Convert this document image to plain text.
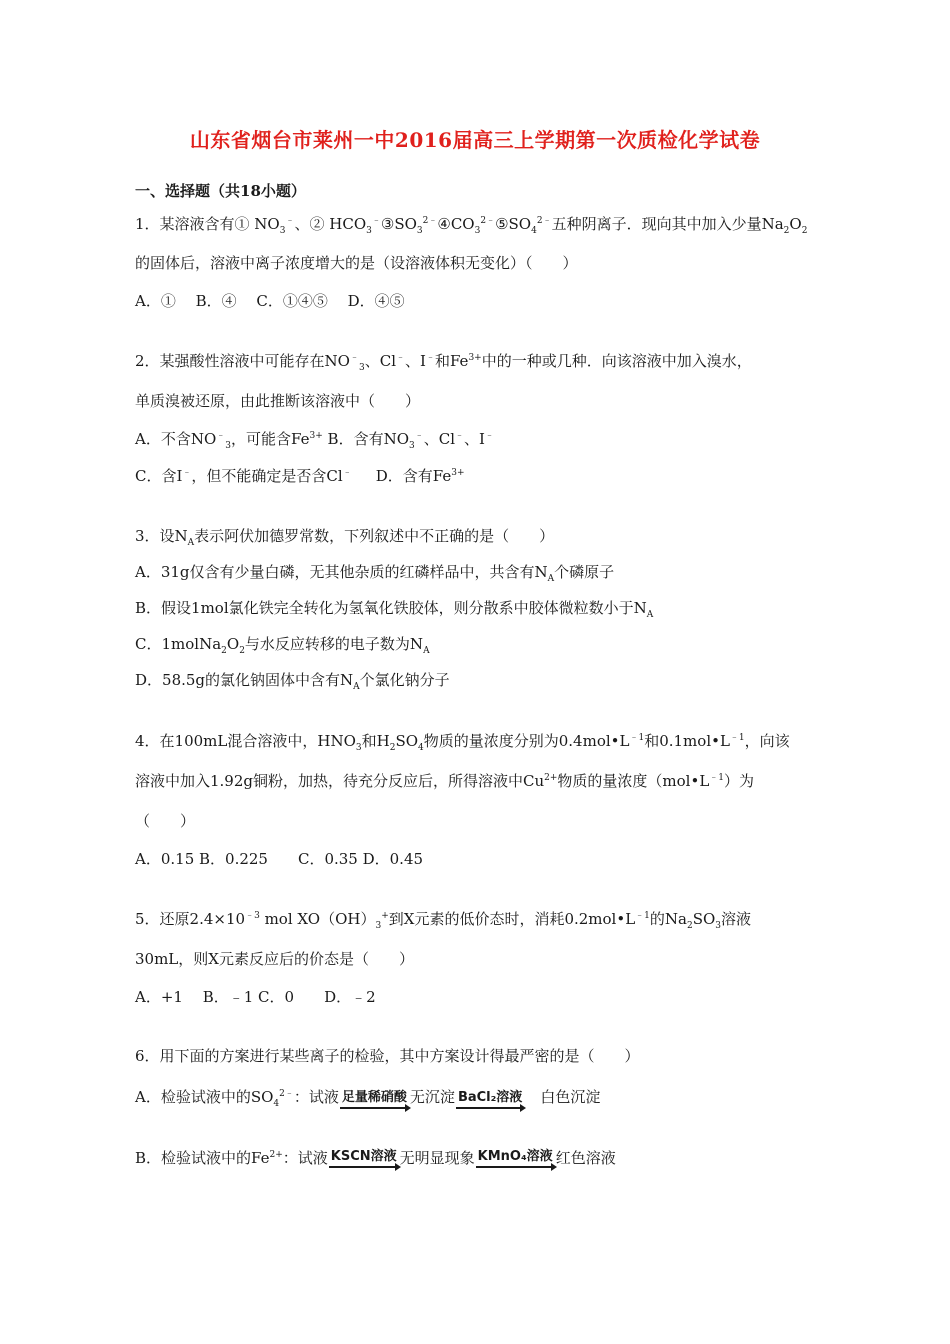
山东省烟台市莱州一中2016届高三上学期第一次质检化学试卷
一、选择题（共18小题）
1．某溶液含有① $NO_3^﹣$、② $HCO_3^﹣③SO_3^{2﹣}④CO_3^{2﹣}⑤SO_4^{2﹣}$五种阴离子．现向其中加入少量$Na_2O_2$
的固体后，溶液中离子浓度增大的是（设溶液体积无变化）（　　）
A．①　 B．④　 C．①④⑤　 D．④⑤
2．某强酸性溶液中可能存在$NO^﹣_3$、Cl﹣、I﹣和$Fe^{3+}$中的一种或几种．向该溶液中加入溴水，
单质溴被还原，由此推断该溶液中（　　）
A．不含$NO^﹣_3$，可能含$Fe^{3+}$ B．含有$NO_3^﹣$、Cl﹣、I﹣
C．含I﹣，但不能确定是否含Cl﹣ D．含有$Fe^{3+}$
3．设$N_A$表示阿伏加德罗常数，下列叙述中不正确的是（　　）
A．31g仅含有少量白磷，无其他杂质的红磷样品中，共含有$N_A$个磷原子
B．假设1mol氯化铁完全转化为氢氧化铁胶体，则分散系中胶体微粒数小于$N_A$
C．$1molNa_2O_2$与水反应转移的电子数为$N_A$
D．58.5g的氯化钠固体中含有$N_A$个氯化钠分子
4．在100mL混合溶液中，$HNO_3$和$H_2SO_4$物质的量浓度分别为$0.4mol•L^{﹣1}$和$0.1mol•L^{﹣1}$，向该
溶液中加入1.92g铜粉，加热，待充分反应后，所得溶液中$Cu^{2+}$物质的量浓度$(mol•L^{﹣1})$为
（　　）
A．0.15 B．0.225　　C．0.35 D．0.45
5．还原$2.4\times 10^{﹣3}$ mol $XO(OH)_3^+$到X元素的低价态时，消耗$0.2mol•L^{﹣1}$的$Na_2SO_3$溶液
30mL，则X元素反应后的价态是（　　）
A．+1　 B．﹣1 C．0　　D．﹣2
6．用下面的方案进行某些离子的检验，其中方案设计得最严密的是（　　）
A．检验试液中的$SO_4^{2﹣}$：试液 足量稀硝酸 无沉淀 BaCl₂溶液
　 白色沉淀
B．检验试液中的$Fe^{2+}$：试液 KSCN溶液 无明显现象 KMnO₄溶液 红色溶液
